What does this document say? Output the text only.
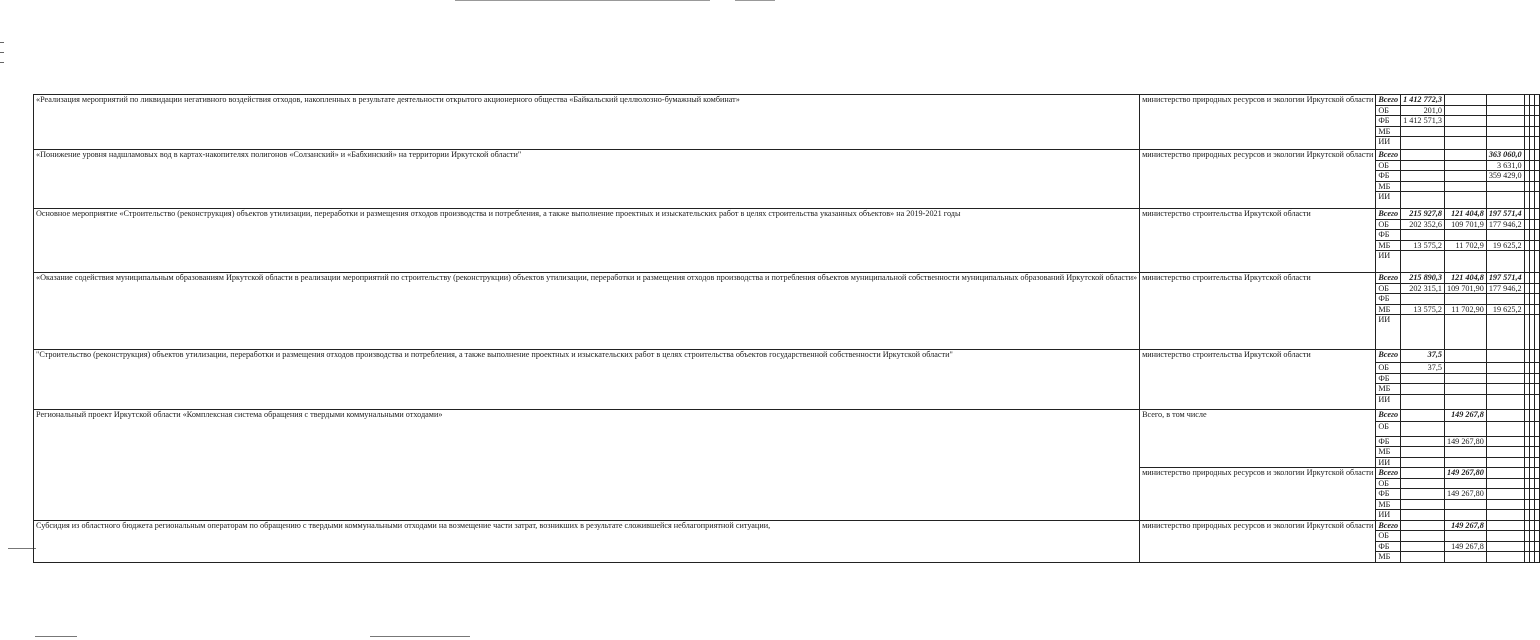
«Реализация мероприятий по ликвидации негативного воздействия отходов, накопленных в результате деятельности открытого акционерного общества «Байкальский целлюлозно-бумажный комбинат»	министерство природных ресурсов и экологии Иркутской области	Всего	1 412 772,3					
		ОБ	201,0					
		ФБ	1 412 571,3					
		МБ						
		ИИ						
«Понижение уровня надшламовых вод в картах-накопителях полигонов «Солзанский» и «Бабхинский» на территории Иркутской области"	министерство природных ресурсов и экологии Иркутской области	Всего			363 060,0			
		ОБ			3 631,0			
		ФБ			359 429,0			
		МБ						
		ИИ						
Основное мероприятие «Строительство (реконструкция) объектов утилизации, переработки и размещения отходов производства и потребления, а также выполнение проектных и изыскательских работ в целях строительства указанных объектов» на 2019-2021 годы	министерство строительства Иркутской области	Всего	215 927,8	121 404,8	197 571,4			
		ОБ	202 352,6	109 701,9	177 946,2			
		ФБ						
		МБ	13 575,2	11 702,9	19 625,2			
		ИИ						
«Оказание содействия муниципальным образованиям Иркутской области в реализации мероприятий по строительству (реконструкции) объектов утилизации, переработки и размещения отходов производства и потребления объектов муниципальной собственности муниципальных образований Иркутской области»	министерство строительства Иркутской области	Всего	215 890,3	121 404,8	197 571,4			
		ОБ	202 315,1	109 701,90	177 946,2			
		ФБ						
		МБ	13 575,2	11 702,90	19 625,2			
		ИИ						
"Строительство (реконструкция) объектов утилизации, переработки и размещения отходов производства и потребления, а также выполнение проектных и изыскательских работ в целях строительства объектов государственной собственности Иркутской области"	министерство строительства Иркутской области	Всего	37,5					
		ОБ	37,5					
		ФБ						
		МБ						
		ИИ						
Региональный проект Иркутской области «Комплексная система обращения с твердыми коммунальными отходами»	Всего, в том числе	Всего		149 267,8				
		ОБ						
		ФБ		149 267,80				
		МБ						
		ИИ						
	министерство природных ресурсов и экологии Иркутской области	Всего		149 267,80				
		ОБ						
		ФБ		149 267,80				
		МБ						
		ИИ						
Субсидия из областного бюджета региональным операторам по обращению с твердыми коммунальными отходами на возмещение части затрат, возникших в результате сложившейся неблагоприятной ситуации,	министерство природных ресурсов и экологии Иркутской области	Всего		149 267,8				
		ОБ						
		ФБ		149 267,8				
		МБ						
